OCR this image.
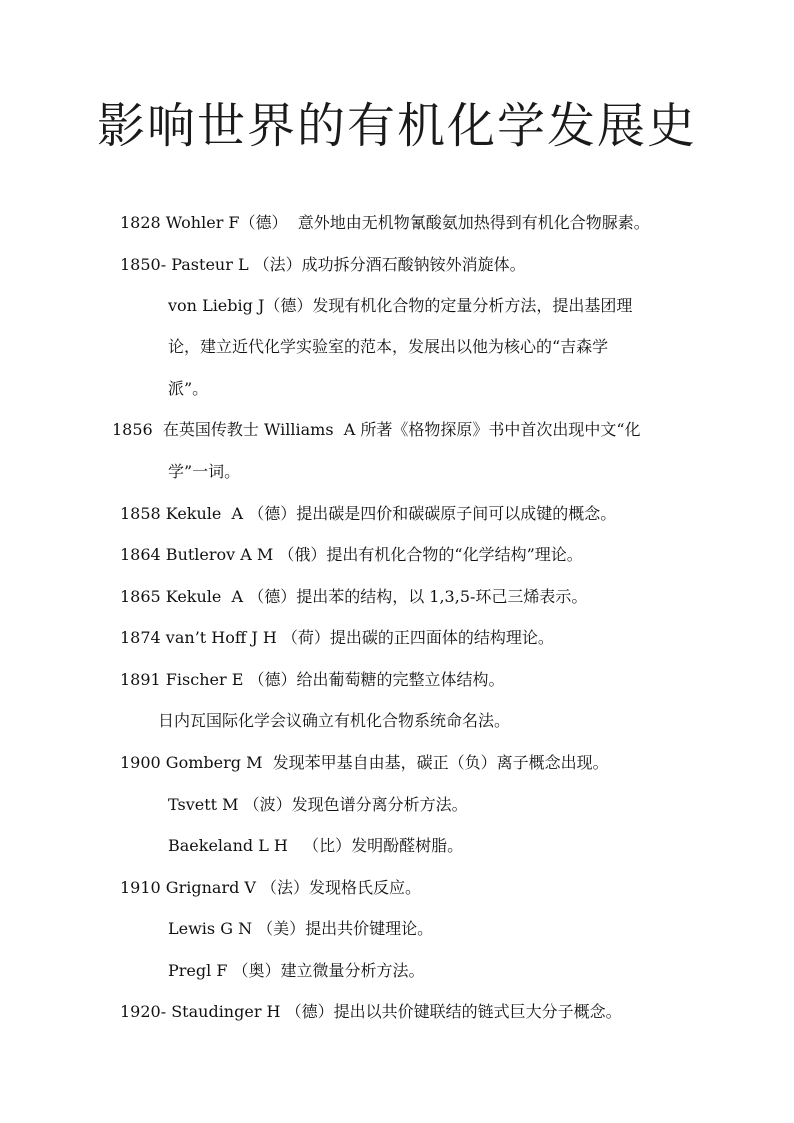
影响世界的有机化学发展史
1828 Wohler F（德）  意外地由无机物氰酸氨加热得到有机化合物脲素。
1850- Pasteur L （法）成功拆分酒石酸钠铵外消旋体。
von Liebig J（德）发现有机化合物的定量分析方法，提出基团理
论，建立近代化学实验室的范本，发展出以他为核心的“吉森学
派”。
1856  在英国传教士 Williams  A 所著《格物探原》书中首次出现中文“化
学”一词。
1858 Kekule  A （德）提出碳是四价和碳碳原子间可以成键的概念。
1864 Butlerov A M （俄）提出有机化合物的“化学结构”理论。
1865 Kekule  A （德）提出苯的结构，以 1,3,5-环己三烯表示。
1874 van’t Hoff J H （荷）提出碳的正四面体的结构理论。
1891 Fischer E （德）给出葡萄糖的完整立体结构。
日内瓦国际化学会议确立有机化合物系统命名法。
1900 Gomberg M  发现苯甲基自由基，碳正（负）离子概念出现。
Tsvett M （波）发现色谱分离分析方法。
Baekeland L H   （比）发明酚醛树脂。
1910 Grignard V （法）发现格氏反应。
Lewis G N （美）提出共价键理论。
Pregl F （奥）建立微量分析方法。
1920- Staudinger H （德）提出以共价键联结的链式巨大分子概念。
